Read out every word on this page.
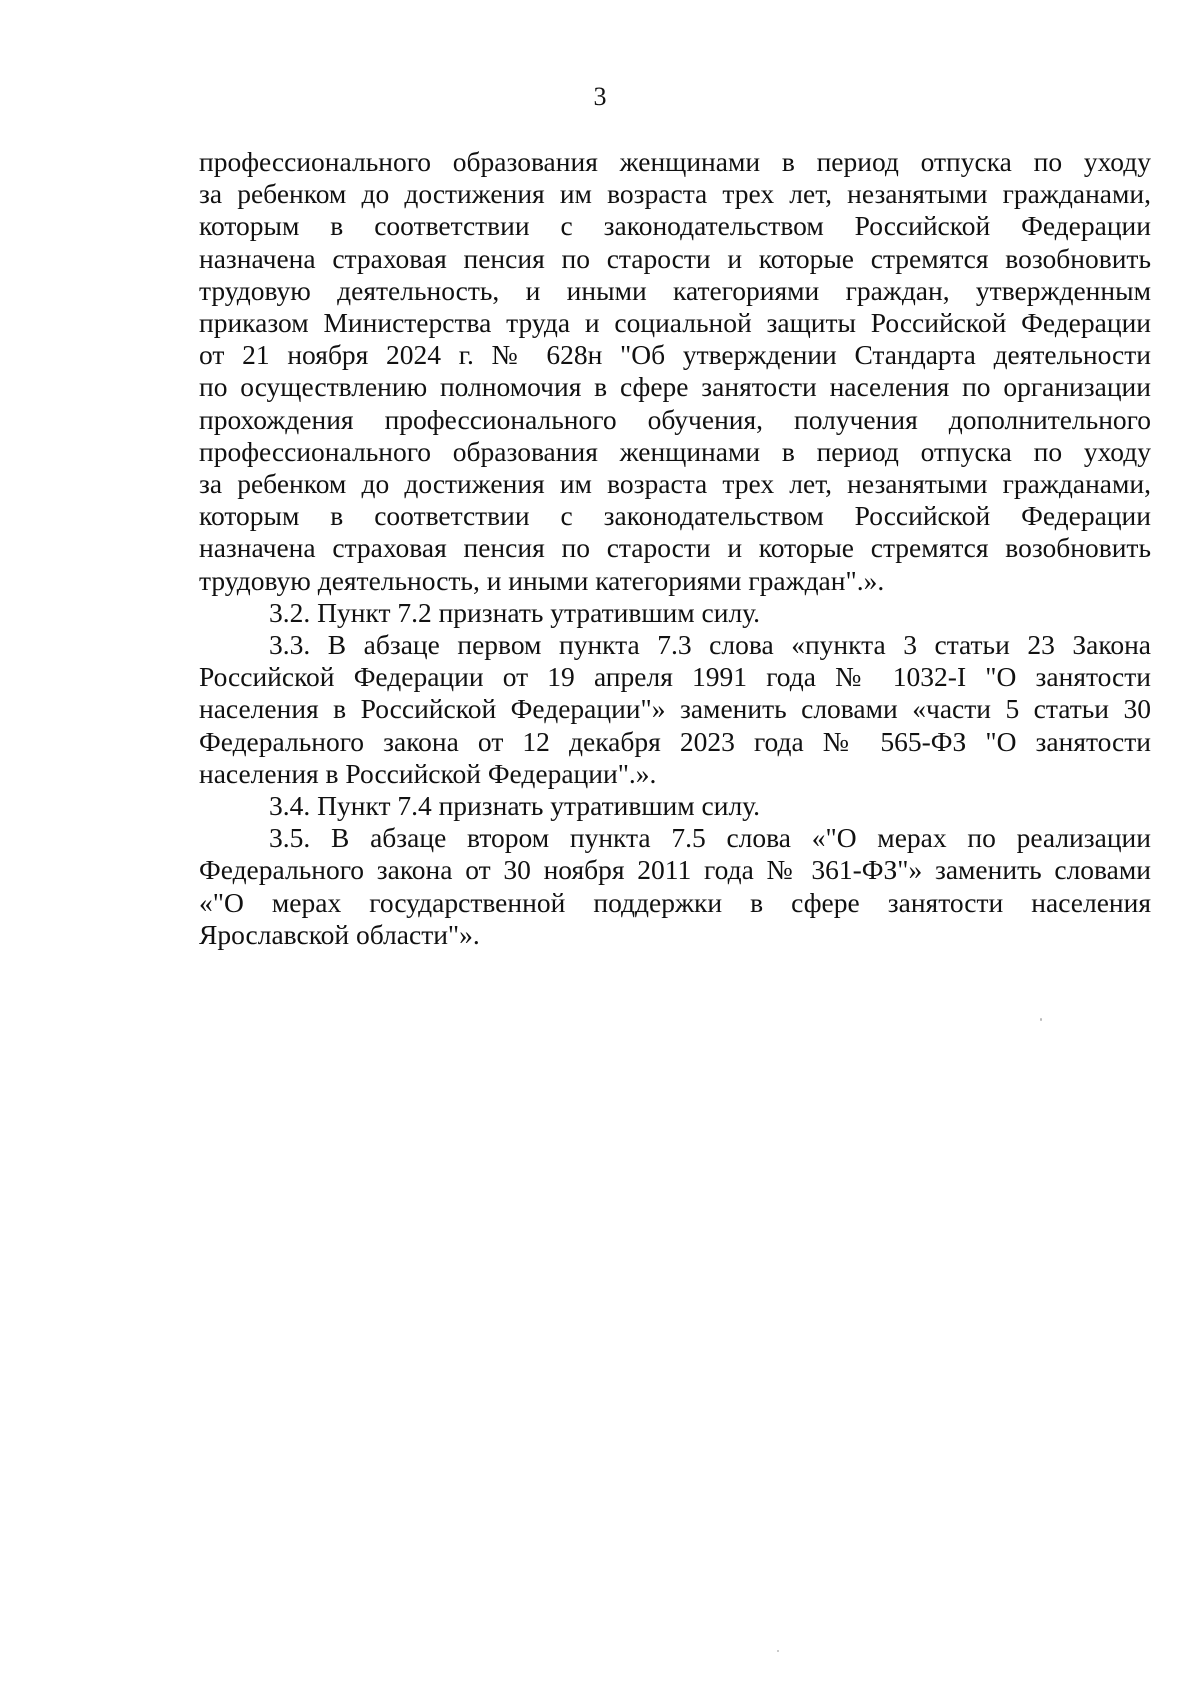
3

профессионального образования женщинами в период отпуска по уходу
за ребенком до достижения им возраста трех лет, незанятыми гражданами,
которым в соответствии с законодательством Российской Федерации
назначена страховая пенсия по старости и которые стремятся возобновить
трудовую деятельность, и иными категориями граждан, утвержденным
приказом Министерства труда и социальной защиты Российской Федерации
от 21 ноября 2024 г. № 628н "Об утверждении Стандарта деятельности
по осуществлению полномочия в сфере занятости населения по организации
прохождения профессионального обучения, получения дополнительного
профессионального образования женщинами в период отпуска по уходу
за ребенком до достижения им возраста трех лет, незанятыми гражданами,
которым в соответствии с законодательством Российской Федерации
назначена страховая пенсия по старости и которые стремятся возобновить
трудовую деятельность, и иными категориями граждан".».

3.2. Пункт 7.2 признать утратившим силу.

3.3. В абзаце первом пункта 7.3 слова «пункта 3 статьи 23 Закона
Российской Федерации от 19 апреля 1991 года № 1032-I "О занятости
населения в Российской Федерации"» заменить словами «части 5 статьи 30
Федерального закона от 12 декабря 2023 года № 565-ФЗ "О занятости
населения в Российской Федерации".».

3.4. Пункт 7.4 признать утратившим силу.

3.5. В абзаце втором пункта 7.5 слова «"О мерах по реализации
Федерального закона от 30 ноября 2011 года № 361-ФЗ"» заменить словами
«"О мерах государственной поддержки в сфере занятости населения
Ярославской области"».
